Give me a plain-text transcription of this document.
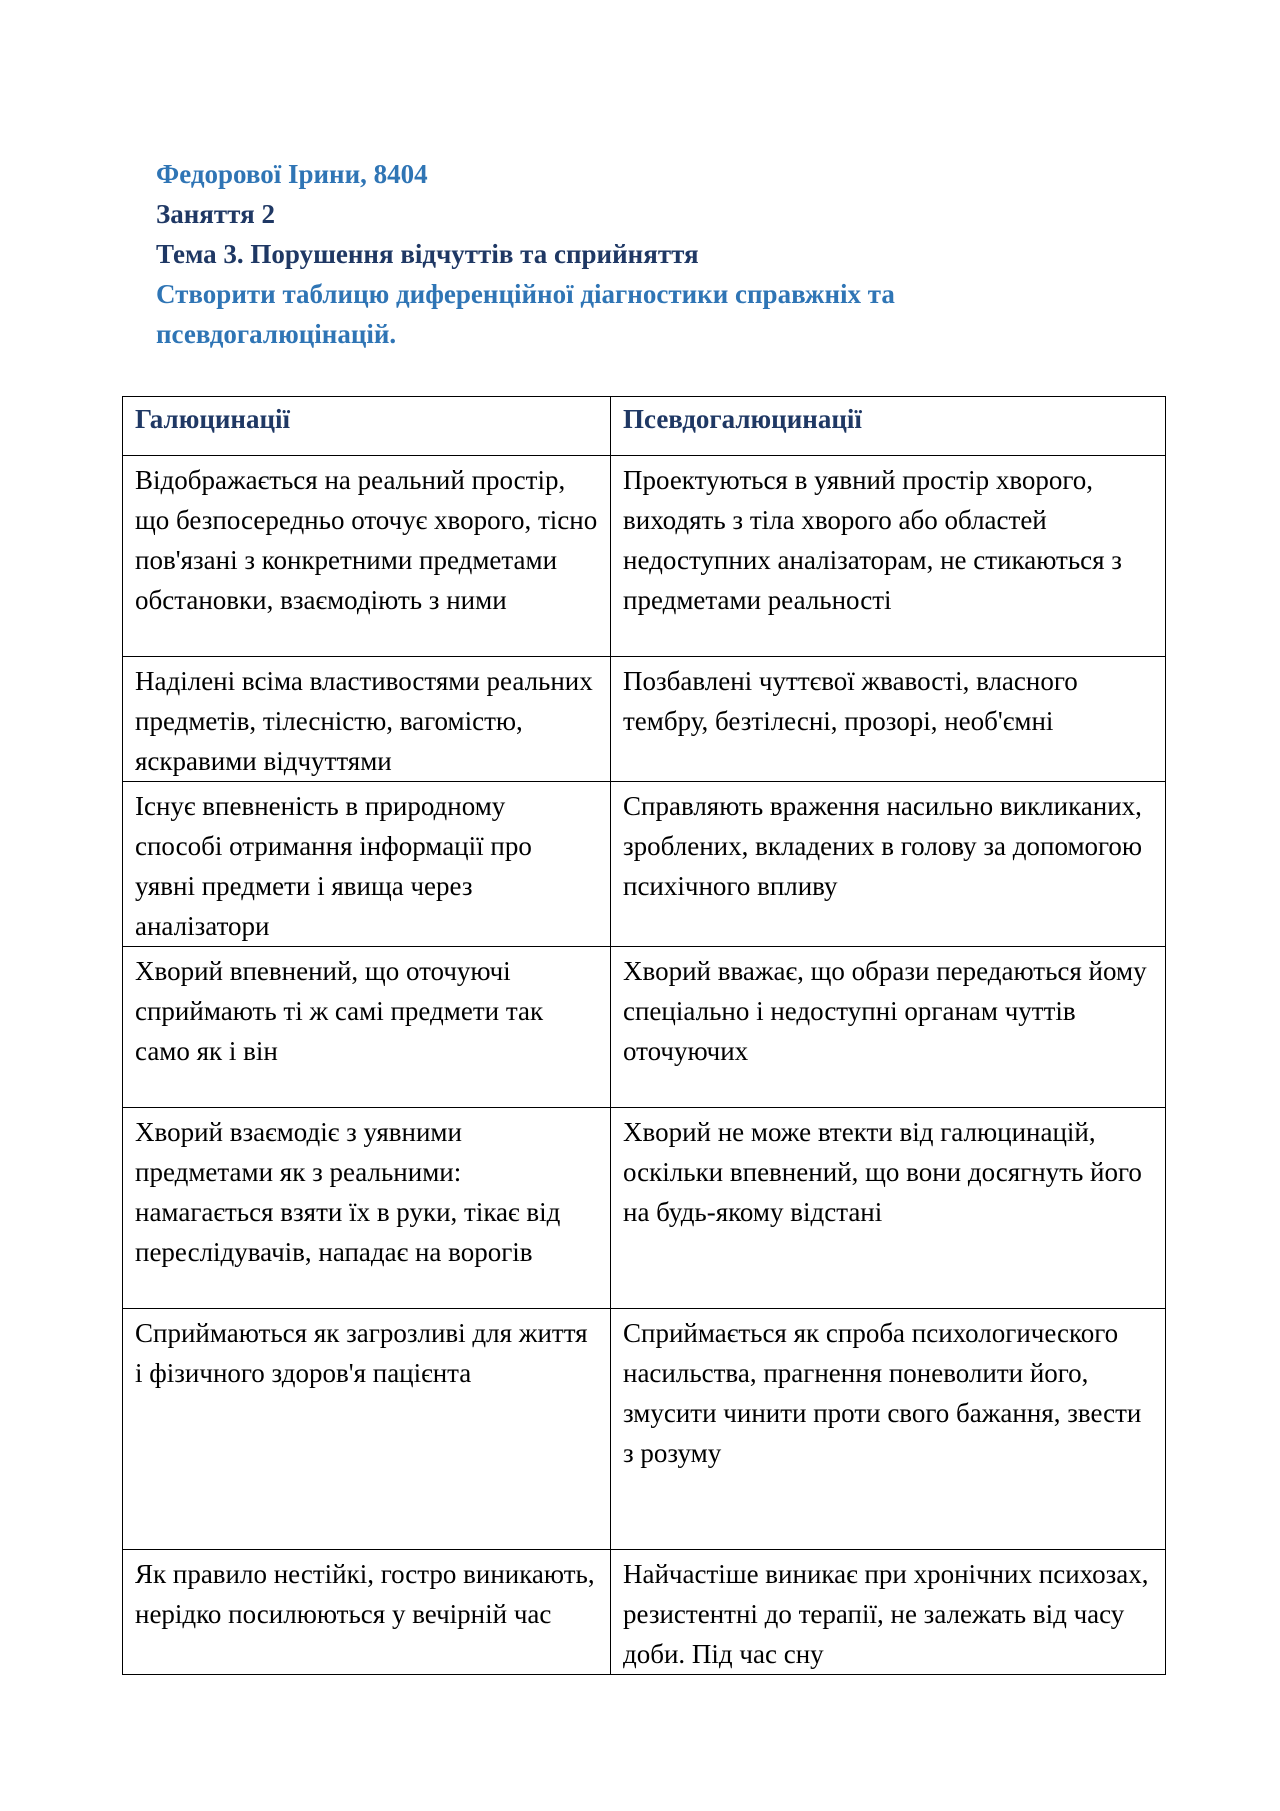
Федорової Ірини, 8404

Заняття 2

Тема 3. Порушення відчуттів та сприйняття

Створити таблицю диференційної діагностики справжніх та

псевдогалюцінацій.

Галюцинації	Псевдогалюцинації
Відображається на реальний простір, що безпосередньо оточує хворого, тісно пов'язані з конкретними предметами обстановки, взаємодіють з ними	Проектуються в уявний простір хворого, виходять з тіла хворого або областей недоступних аналізаторам, не стикаються з предметами реальності
Наділені всіма властивостями реальних предметів, тілесністю, вагомістю, яскравими відчуттями	Позбавлені чуттєвої жвавості, власного тембру, безтілесні, прозорі, необ'ємні
Існує впевненість в природному способі отримання інформації про уявні предмети і явища через аналізатори	Справляють враження насильно викликаних, зроблених, вкладених в голову за допомогою психічного впливу
Хворий впевнений, що оточуючі сприймають ті ж самі предмети так само як і він	Хворий вважає, що образи передаються йому спеціально і недоступні органам чуттів оточуючих
Хворий взаємодіє з уявними предметами як з реальними: намагається взяти їх в руки, тікає від переслідувачів, нападає на ворогів	Хворий не може втекти від галюцинацій, оскільки впевнений, що вони досягнуть його на будь-якому відстані
Сприймаються як загрозливі для життя і фізичного здоров'я пацієнта	Сприймається як спроба психологического насильства, прагнення поневолити його, змусити чинити проти свого бажання, звести з розуму
Як правило нестійкі, гостро виникають, нерідко посилюються у вечірній час	Найчастіше виникає при хронічних психозах, резистентні до терапії, не залежать від часу доби. Під час сну
